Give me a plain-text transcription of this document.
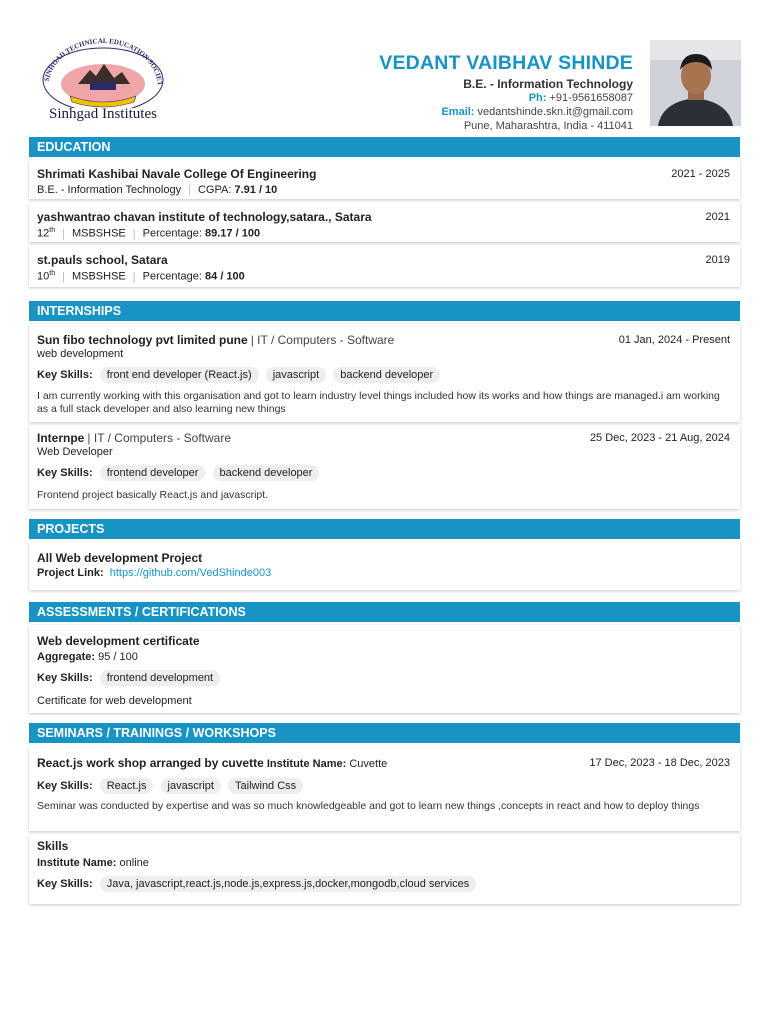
SINHGAD TECHNICAL EDUCATION SOCIET
Sinhgad Institutes
VEDANT VAIBHAV SHINDE
B.E. - Information Technology
Ph: +91-9561658087
Email: vedantshinde.skn.it@gmail.com
Pune, Maharashtra, India - 411041
EDUCATION
Shrimati Kashibai Navale College Of Engineering	2021 - 2025
B.E. - Information Technology | CGPA: 7.91 / 10
yashwantrao chavan institute of technology,satara., Satara	2021
12th | MSBSHSE | Percentage: 89.17 / 100
st.pauls school, Satara	2019
10th | MSBSHSE | Percentage: 84 / 100
INTERNSHIPS
Sun fibo technology pvt limited pune | IT / Computers - Software	01 Jan, 2024 - Present
web development
Key Skills: front end developer (React.js) javascript backend developer
I am currently working with this organisation and got to learn industry level things included how its works and how things are managed.i am working as a full stack developer and also learning new things
Internpe | IT / Computers - Software	25 Dec, 2023 - 21 Aug, 2024
Web Developer
Key Skills: frontend developer backend developer
Frontend project basically React.js and javascript.
PROJECTS
All Web development Project
Project Link: https://github.com/VedShinde003
ASSESSMENTS / CERTIFICATIONS
Web development certificate
Aggregate: 95 / 100
Key Skills: frontend development
Certificate for web development
SEMINARS / TRAININGS / WORKSHOPS
React.js work shop arranged by cuvette Institute Name: Cuvette	17 Dec, 2023 - 18 Dec, 2023
Key Skills: React.js javascript Tailwind Css
Seminar was conducted by expertise and was so much knowledgeable and got to learn new things ,concepts in react and how to deploy things
Skills
Institute Name: online
Key Skills: Java, javascript,react.js,node.js,express.js,docker,mongodb,cloud services
